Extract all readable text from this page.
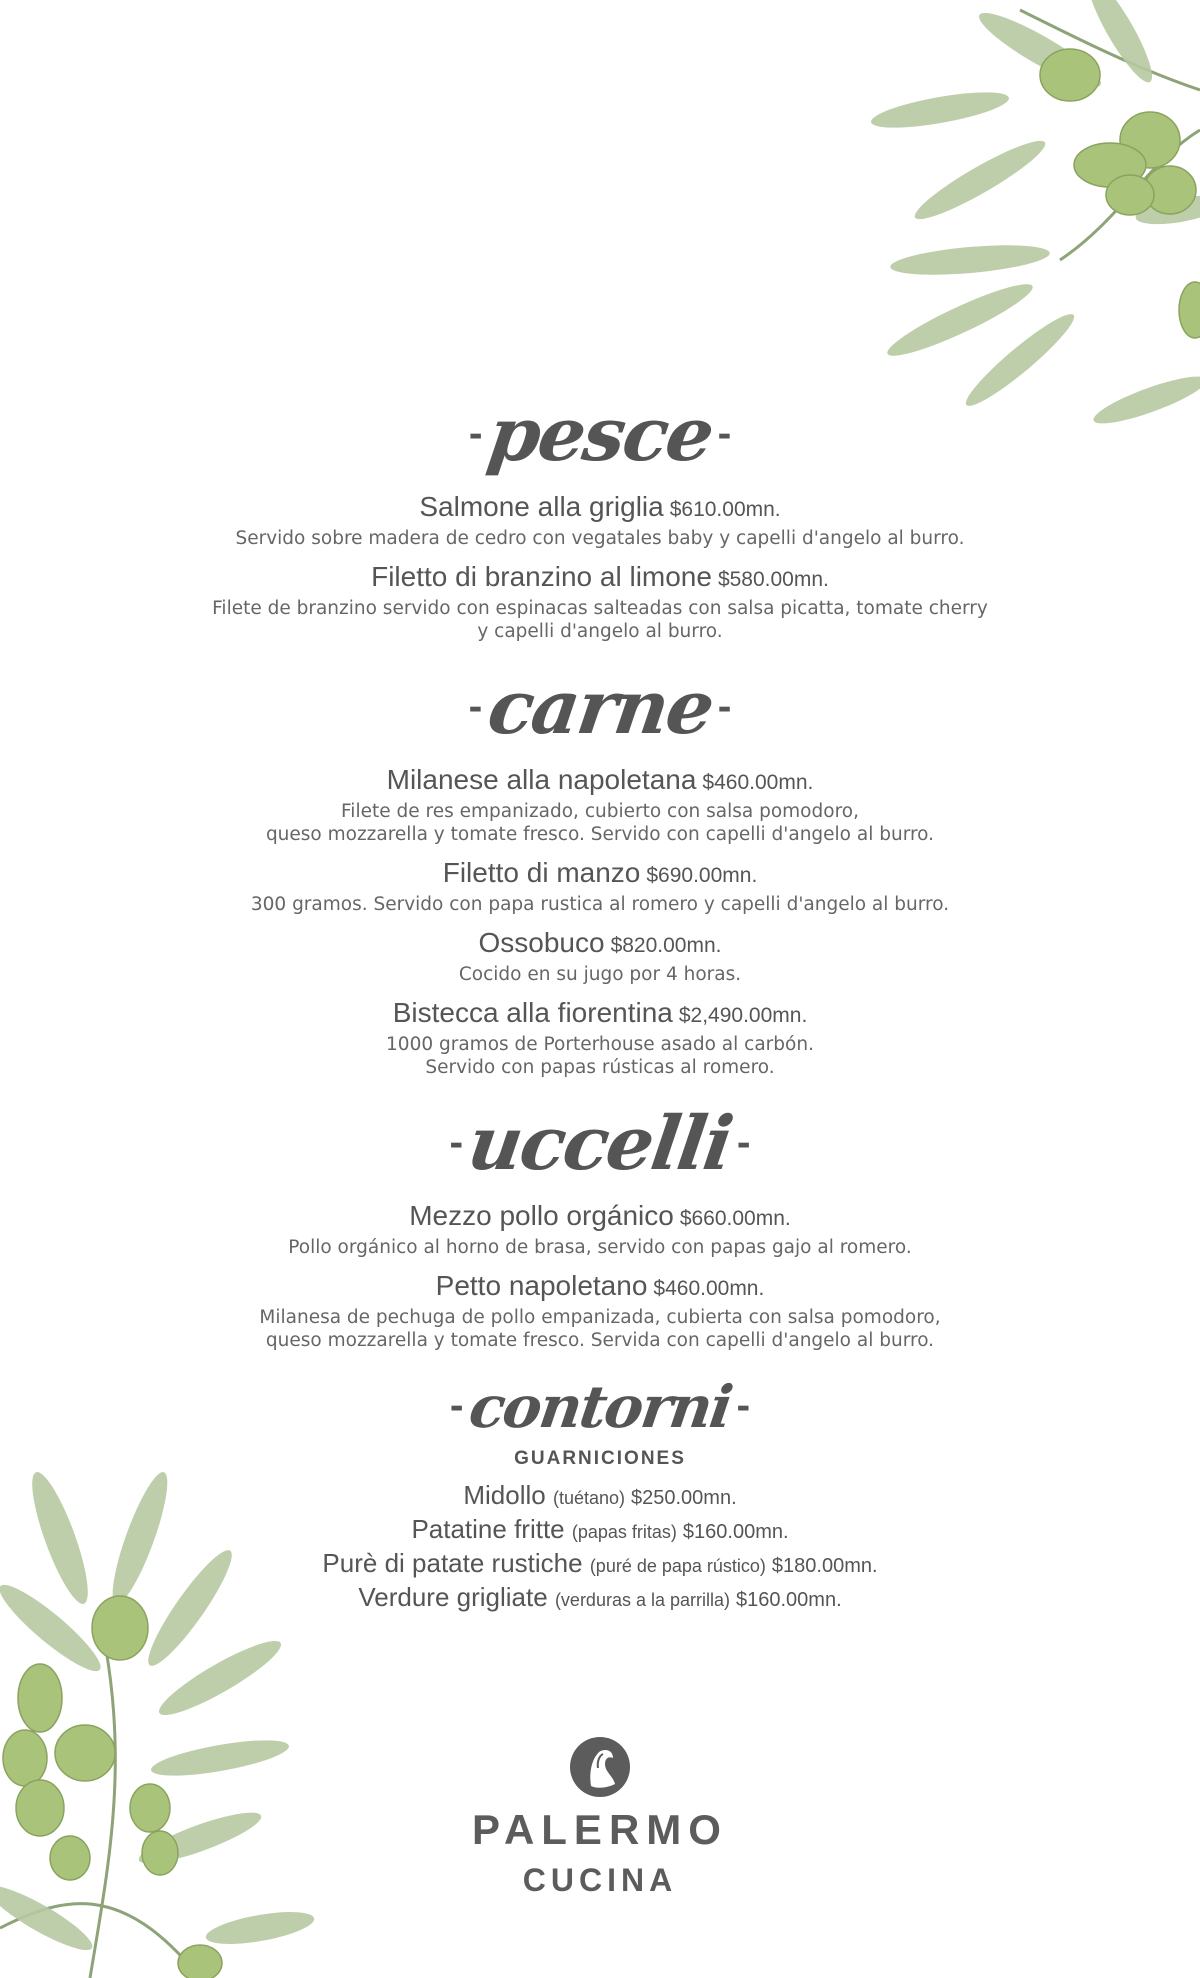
- pesce -
Salmone alla griglia $610.00mn.
Servido sobre madera de cedro con vegatales baby y capelli d'angelo al burro.
Filetto di branzino al limone $580.00mn.
Filete de branzino servido con espinacas salteadas con salsa picatta, tomate cherry
y capelli d'angelo al burro.
- carne -
Milanese alla napoletana $460.00mn.
Filete de res empanizado, cubierto con salsa pomodoro,
queso mozzarella y tomate fresco. Servido con capelli d'angelo al burro.
Filetto di manzo $690.00mn.
300 gramos. Servido con papa rustica al romero y capelli d'angelo al burro.
Ossobuco $820.00mn.
Cocido en su jugo por 4 horas.
Bistecca alla fiorentina $2,490.00mn.
1000 gramos de Porterhouse asado al carbón.
Servido con papas rústicas al romero.
- uccelli -
Mezzo pollo orgánico $660.00mn.
Pollo orgánico al horno de brasa, servido con papas gajo al romero.
Petto napoletano $460.00mn.
Milanesa de pechuga de pollo empanizada, cubierta con salsa pomodoro,
queso mozzarella y tomate fresco. Servida con capelli d'angelo al burro.
- contorni -
GUARNICIONES
Midollo (tuétano) $250.00mn.
Patatine fritte (papas fritas) $160.00mn.
Purè di patate rustiche (puré de papa rústico) $180.00mn.
Verdure grigliate (verduras a la parrilla) $160.00mn.
PALERMO
CUCINA
